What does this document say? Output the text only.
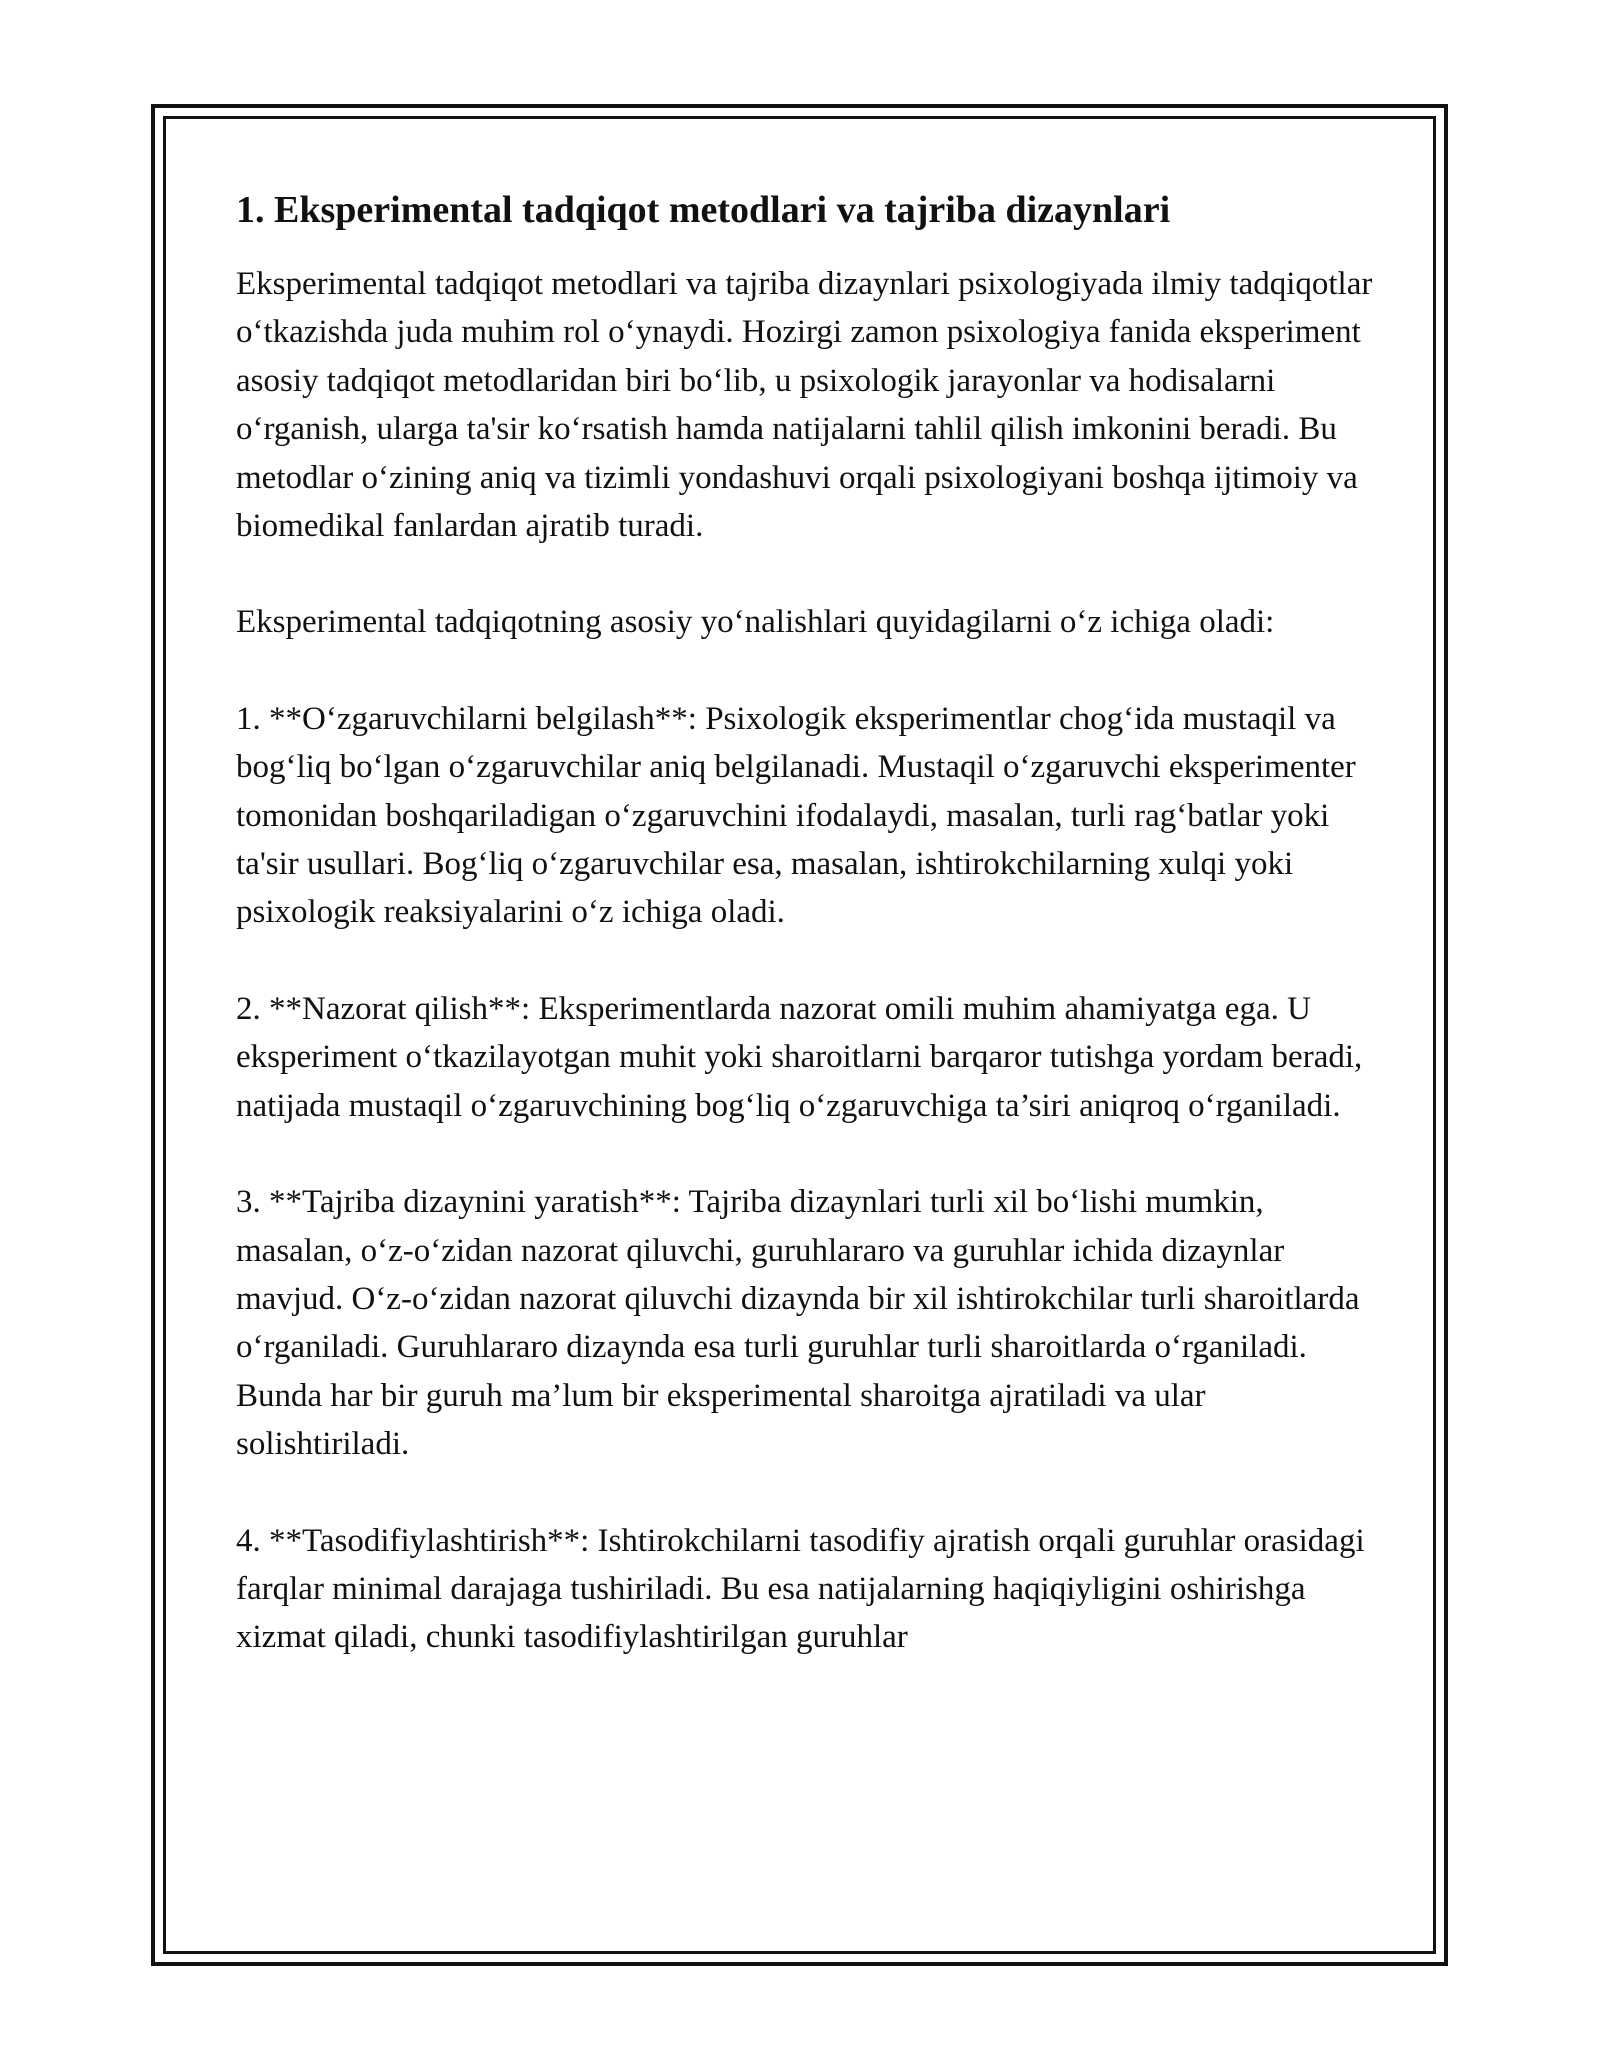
1. Eksperimental tadqiqot metodlari va tajriba dizaynlari

Eksperimental tadqiqot metodlari va tajriba dizaynlari psixologiyada ilmiy tadqiqotlar o‘tkazishda juda muhim rol o‘ynaydi. Hozirgi zamon psixologiya fanida eksperiment asosiy tadqiqot metodlaridan biri bo‘lib, u psixologik jarayonlar va hodisalarni o‘rganish, ularga ta'sir ko‘rsatish hamda natijalarni tahlil qilish imkonini beradi. Bu metodlar o‘zining aniq va tizimli yondashuvi orqali psixologiyani boshqa ijtimoiy va biomedikal fanlardan ajratib turadi.

Eksperimental tadqiqotning asosiy yo‘nalishlari quyidagilarni o‘z ichiga oladi:

1. **O‘zgaruvchilarni belgilash**: Psixologik eksperimentlar chog‘ida mustaqil va bog‘liq bo‘lgan o‘zgaruvchilar aniq belgilanadi. Mustaqil o‘zgaruvchi eksperimenter tomonidan boshqariladigan o‘zgaruvchini ifodalaydi, masalan, turli rag‘batlar yoki ta'sir usullari. Bog‘liq o‘zgaruvchilar esa, masalan, ishtirokchilarning xulqi yoki psixologik reaksiyalarini o‘z ichiga oladi.

2. **Nazorat qilish**: Eksperimentlarda nazorat omili muhim ahamiyatga ega. U eksperiment o‘tkazilayotgan muhit yoki sharoitlarni barqaror tutishga yordam beradi, natijada mustaqil o‘zgaruvchining bog‘liq o‘zgaruvchiga ta’siri aniqroq o‘rganiladi.

3. **Tajriba dizaynini yaratish**: Tajriba dizaynlari turli xil bo‘lishi mumkin, masalan, o‘z-o‘zidan nazorat qiluvchi, guruhlararo va guruhlar ichida dizaynlar mavjud. O‘z-o‘zidan nazorat qiluvchi dizaynda bir xil ishtirokchilar turli sharoitlarda o‘rganiladi. Guruhlararo dizaynda esa turli guruhlar turli sharoitlarda o‘rganiladi. Bunda har bir guruh ma’lum bir eksperimental sharoitga ajratiladi va ular solishtiriladi.

4. **Tasodifiylashtirish**: Ishtirokchilarni tasodifiy ajratish orqali guruhlar orasidagi farqlar minimal darajaga tushiriladi. Bu esa natijalarning haqiqiyligini oshirishga xizmat qiladi, chunki tasodifiylashtirilgan guruhlar
